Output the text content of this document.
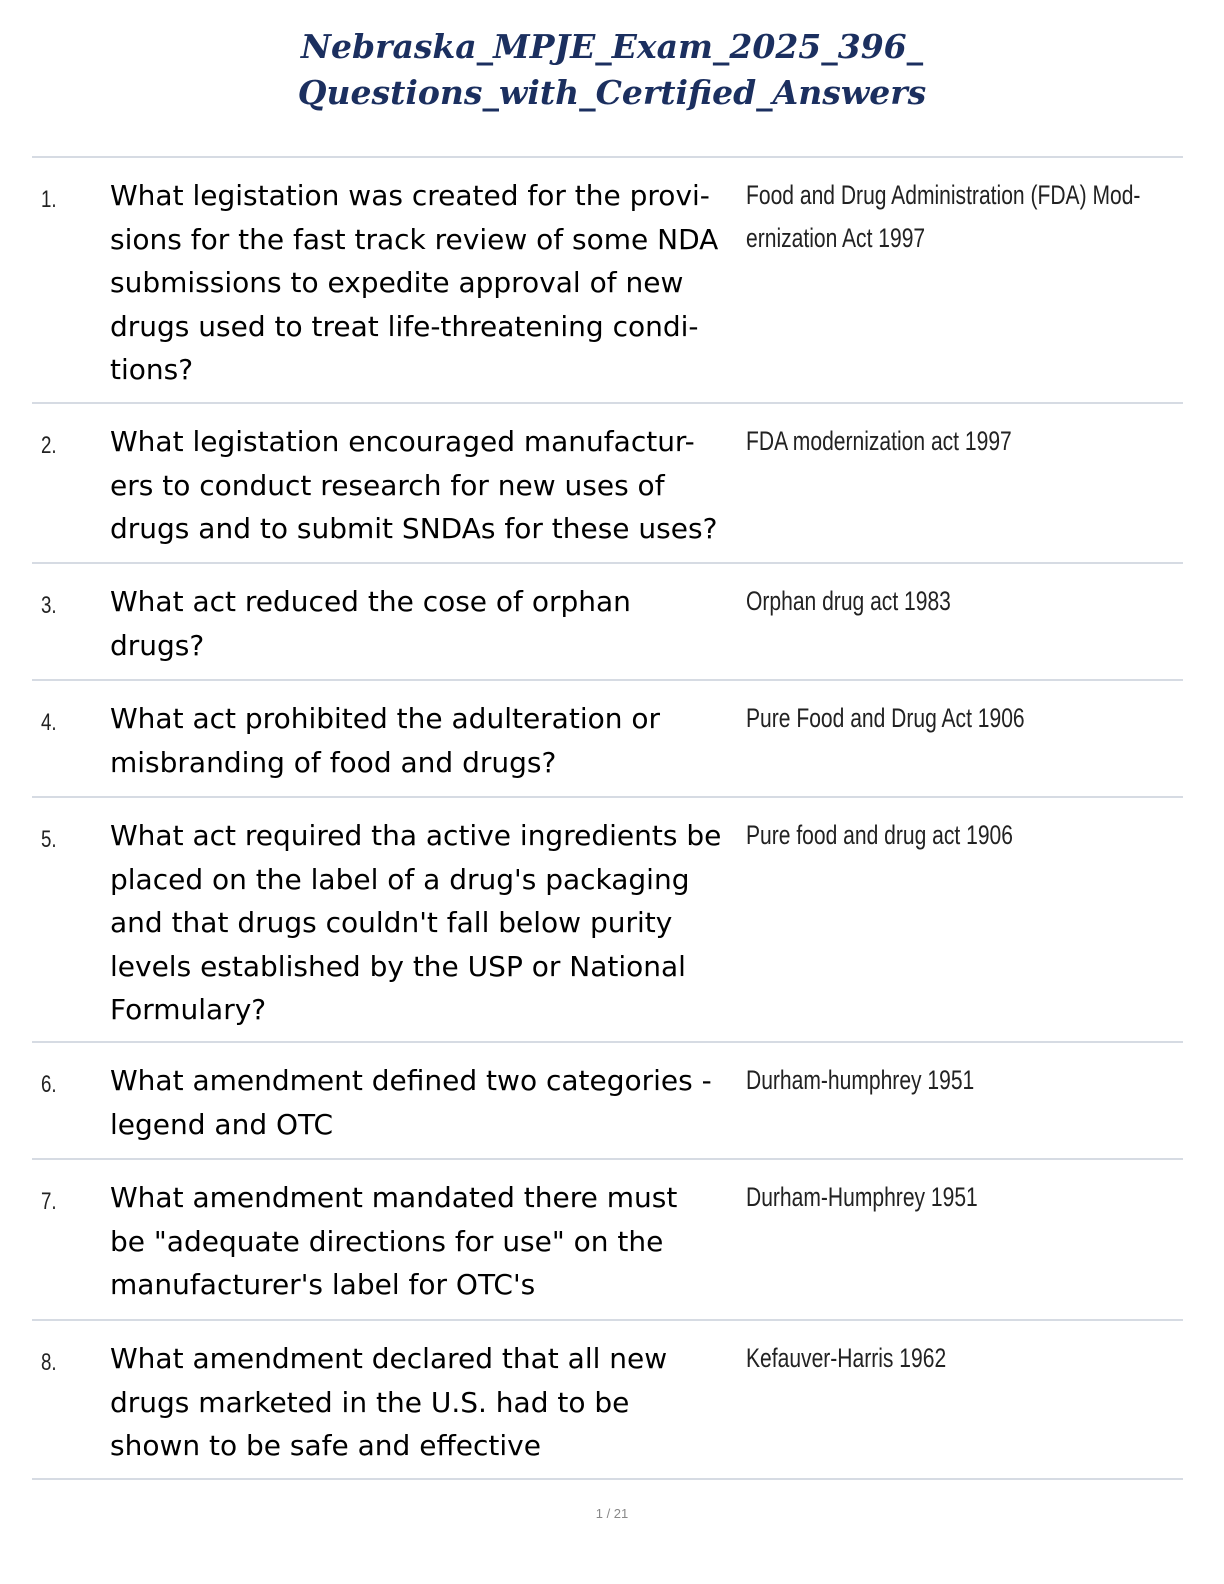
Nebraska_MPJE_Exam_2025_396_
Questions_with_Certified_Answers
1. What legistation was created for the provi-
sions for the fast track review of some NDA
submissions to expedite approval of new
drugs used to treat life-threatening condi-
tions?
Food and Drug Administration (FDA) Mod-
ernization Act 1997
2. What legistation encouraged manufactur-
ers to conduct research for new uses of
drugs and to submit SNDAs for these uses?
FDA modernization act 1997
3. What act reduced the cose of orphan
drugs?
Orphan drug act 1983
4. What act prohibited the adulteration or
misbranding of food and drugs?
Pure Food and Drug Act 1906
5. What act required tha active ingredients be
placed on the label of a drug's packaging
and that drugs couldn't fall below purity
levels established by the USP or National
Formulary?
Pure food and drug act 1906
6. What amendment defined two categories -
legend and OTC
Durham-humphrey 1951
7. What amendment mandated there must
be "adequate directions for use" on the
manufacturer's label for OTC's
Durham-Humphrey 1951
8. What amendment declared that all new
drugs marketed in the U.S. had to be
shown to be safe and effective
Kefauver-Harris 1962
1 / 21
